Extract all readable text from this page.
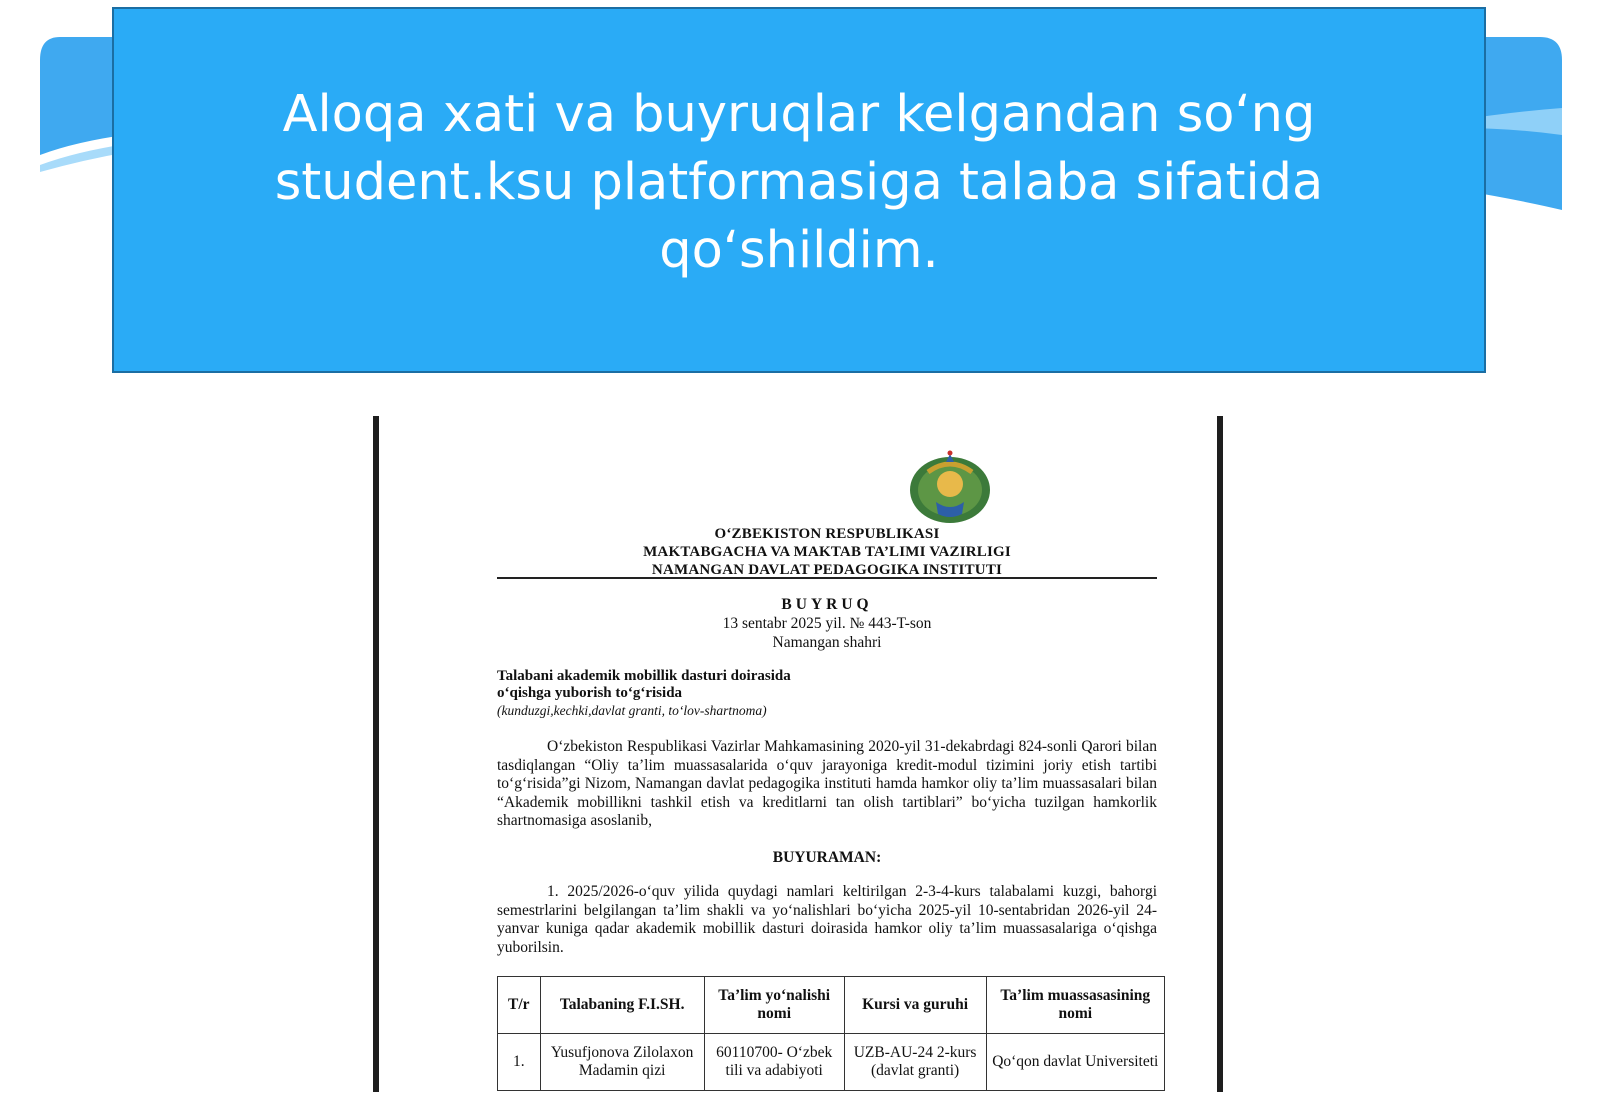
Aloqa xati va buyruqlar kelgandan so‘ng student.ksu platformasiga talaba sifatida qo‘shildim.
O‘ZBEKISTON RESPUBLIKASI
MAKTABGACHA VA MAKTAB TA’LIMI VAZIRLIGI
NAMANGAN DAVLAT PEDAGOGIKA INSTITUTI
BUYRUQ
13 sentabr 2025 yil. № 443-T-son
Namangan shahri
Talabani akademik mobillik dasturi doirasida
o‘qishga yuborish to‘g‘risida
(kunduzgi,kechki,davlat granti, to‘lov-shartnoma)

O‘zbekiston Respublikasi Vazirlar Mahkamasining 2020-yil 31-dekabrdagi 824-sonli Qarori bilan tasdiqlangan “Oliy ta’lim muassasalarida o‘quv jarayoniga kredit-modul tizimini joriy etish tartibi to‘g‘risida”gi Nizom, Namangan davlat pedagogika instituti hamda hamkor oliy ta’lim muassasalari bilan “Akademik mobillikni tashkil etish va kreditlarni tan olish tartiblari” bo‘yicha tuzilgan hamkorlik shartnomasiga asoslanib,

BUYURAMAN:

1. 2025/2026-o‘quv yilida quydagi namlari keltirilgan 2-3-4-kurs talabalami kuzgi, bahorgi semestrlarini belgilangan ta’lim shakli va yo‘nalishlari bo‘yicha 2025-yil 10-sentabridan 2026-yil 24-yanvar kuniga qadar akademik mobillik dasturi doirasida hamkor oliy ta’lim muassasalariga o‘qishga yuborilsin.

T/r	Talabaning F.I.SH.	Ta’lim yo‘nalishi nomi	Kursi va guruhi	Ta’lim muassasasining nomi
1.	Yusufjonova Zilolaxon Madamin qizi	60110700- O‘zbek tili va adabiyoti	UZB-AU-24 2-kurs (davlat granti)	Qo‘qon davlat Universiteti
